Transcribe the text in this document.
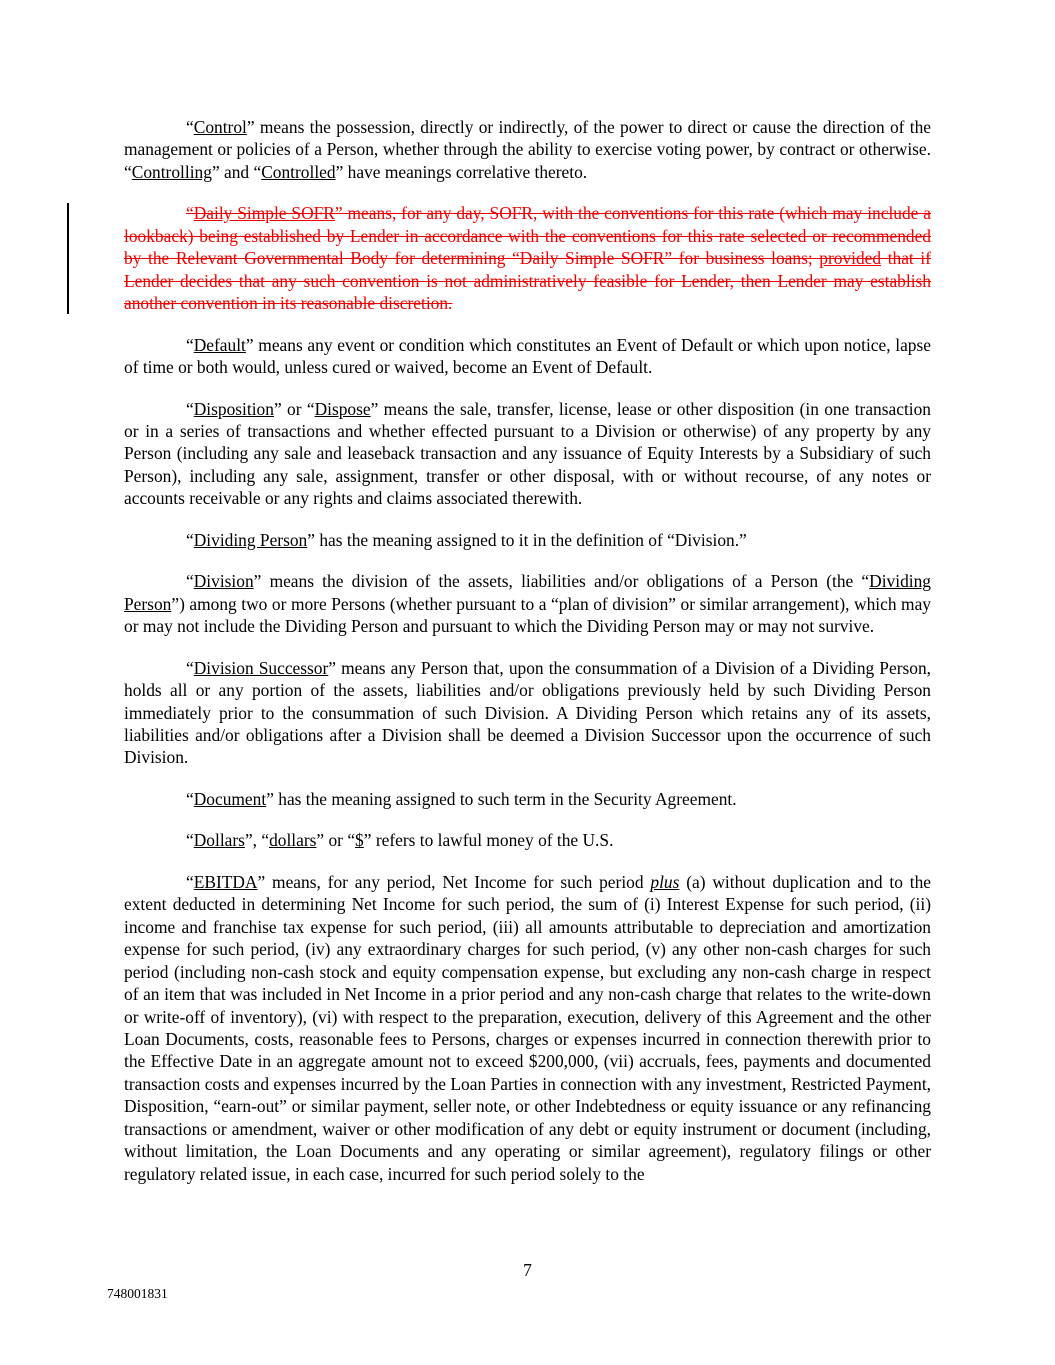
“Control” means the possession, directly or indirectly, of the power to direct or cause the direction of the management or policies of a Person, whether through the ability to exercise voting power, by contract or otherwise. “Controlling” and “Controlled” have meanings correlative thereto.

“Daily Simple SOFR” means, for any day, SOFR, with the conventions for this rate (which may include a lookback) being established by Lender in accordance with the conventions for this rate selected or recommended by the Relevant Governmental Body for determining “Daily Simple SOFR” for business loans; provided that if Lender decides that any such convention is not administratively feasible for Lender, then Lender may establish another convention in its reasonable discretion.

“Default” means any event or condition which constitutes an Event of Default or which upon notice, lapse of time or both would, unless cured or waived, become an Event of Default.

“Disposition” or “Dispose” means the sale, transfer, license, lease or other disposition (in one transaction or in a series of transactions and whether effected pursuant to a Division or otherwise) of any property by any Person (including any sale and leaseback transaction and any issuance of Equity Interests by a Subsidiary of such Person), including any sale, assignment, transfer or other disposal, with or without recourse, of any notes or accounts receivable or any rights and claims associated therewith.

“Dividing Person” has the meaning assigned to it in the definition of “Division.”

“Division” means the division of the assets, liabilities and/or obligations of a Person (the “Dividing Person”) among two or more Persons (whether pursuant to a “plan of division” or similar arrangement), which may or may not include the Dividing Person and pursuant to which the Dividing Person may or may not survive.

“Division Successor” means any Person that, upon the consummation of a Division of a Dividing Person, holds all or any portion of the assets, liabilities and/or obligations previously held by such Dividing Person immediately prior to the consummation of such Division. A Dividing Person which retains any of its assets, liabilities and/or obligations after a Division shall be deemed a Division Successor upon the occurrence of such Division.

“Document” has the meaning assigned to such term in the Security Agreement.

“Dollars”, “dollars” or “$” refers to lawful money of the U.S.

“EBITDA” means, for any period, Net Income for such period plus (a) without duplication and to the extent deducted in determining Net Income for such period, the sum of (i) Interest Expense for such period, (ii) income and franchise tax expense for such period, (iii) all amounts attributable to depreciation and amortization expense for such period, (iv) any extraordinary charges for such period, (v) any other non-cash charges for such period (including non-cash stock and equity compensation expense, but excluding any non-cash charge in respect of an item that was included in Net Income in a prior period and any non-cash charge that relates to the write-down or write-off of inventory), (vi) with respect to the preparation, execution, delivery of this Agreement and the other Loan Documents, costs, reasonable fees to Persons, charges or expenses incurred in connection therewith prior to the Effective Date in an aggregate amount not to exceed $200,000, (vii) accruals, fees, payments and documented transaction costs and expenses incurred by the Loan Parties in connection with any investment, Restricted Payment, Disposition, “earn-out” or similar payment, seller note, or other Indebtedness or equity issuance or any refinancing transactions or amendment, waiver or other modification of any debt or equity instrument or document (including, without limitation, the Loan Documents and any operating or similar agreement), regulatory filings or other regulatory related issue, in each case, incurred for such period solely to the

7
748001831
